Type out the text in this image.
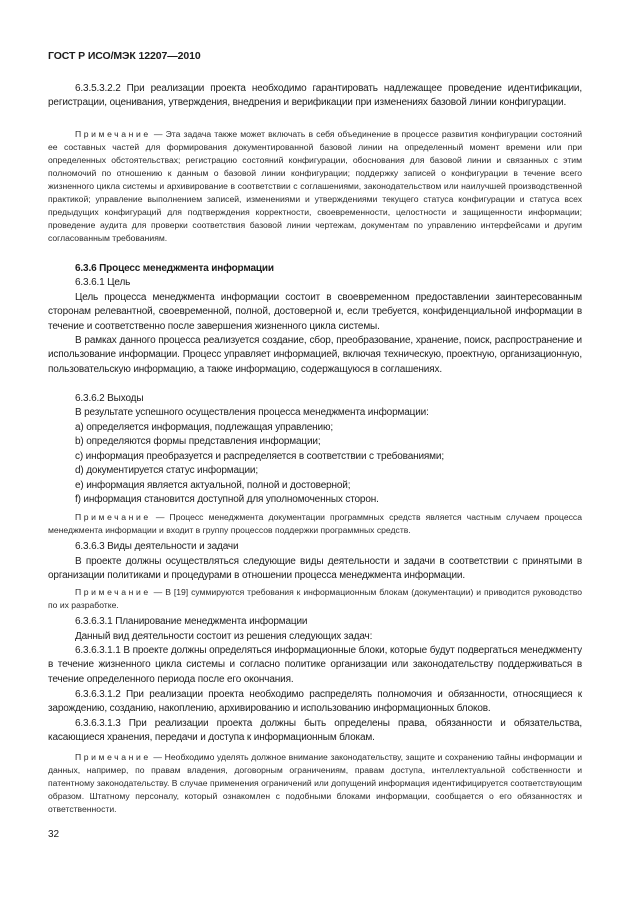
ГОСТ Р ИСО/МЭК 12207—2010

6.3.5.3.2.2 При реализации проекта необходимо гарантировать надлежащее проведение идентификации, регистрации, оценивания, утверждения, внедрения и верификации при изменениях базовой линии конфигурации.

Примечание — Эта задача также может включать в себя объединение в процессе развития конфигурации состояний ее составных частей для формирования документированной базовой линии на определенный момент времени или при определенных обстоятельствах; регистрацию состояний конфигурации, обоснования для базовой линии и связанных с этим полномочий по отношению к данным о базовой линии конфигурации; поддержку записей о конфигурации в течение всего жизненного цикла системы и архивирование в соответствии с соглашениями, законодательством или наилучшей производственной практикой; управление выполнением записей, изменениями и утверждениями текущего статуса конфигурации и статуса всех предыдущих конфигураций для подтверждения корректности, своевременности, целостности и защищенности информации; проведение аудита для проверки соответствия базовой линии чертежам, документам по управлению интерфейсами и другим согласованным требованиям.

6.3.6 Процесс менеджмента информации

6.3.6.1 Цель

Цель процесса менеджмента информации состоит в своевременном предоставлении заинтересованным сторонам релевантной, своевременной, полной, достоверной и, если требуется, конфиденциальной информации в течение и соответственно после завершения жизненного цикла системы.

В рамках данного процесса реализуется создание, сбор, преобразование, хранение, поиск, распространение и использование информации. Процесс управляет информацией, включая техническую, проектную, организационную, пользовательскую информацию, а также информацию, содержащуюся в соглашениях.

6.3.6.2 Выходы

В результате успешного осуществления процесса менеджмента информации:

a) определяется информация, подлежащая управлению;

b) определяются формы представления информации;

c) информация преобразуется и распределяется в соответствии с требованиями;

d) документируется статус информации;

e) информация является актуальной, полной и достоверной;

f) информация становится доступной для уполномоченных сторон.

Примечание — Процесс менеджмента документации программных средств является частным случаем процесса менеджмента информации и входит в группу процессов поддержки программных средств.

6.3.6.3 Виды деятельности и задачи

В проекте должны осуществляться следующие виды деятельности и задачи в соответствии с принятыми в организации политиками и процедурами в отношении процесса менеджмента информации.

Примечание — В [19] суммируются требования к информационным блокам (документации) и приводится руководство по их разработке.

6.3.6.3.1 Планирование менеджмента информации

Данный вид деятельности состоит из решения следующих задач:

6.3.6.3.1.1 В проекте должны определяться информационные блоки, которые будут подвергаться менеджменту в течение жизненного цикла системы и согласно политике организации или законодательству поддерживаться в течение определенного периода после его окончания.

6.3.6.3.1.2 При реализации проекта необходимо распределять полномочия и обязанности, относящиеся к зарождению, созданию, накоплению, архивированию и использованию информационных блоков.

6.3.6.3.1.3 При реализации проекта должны быть определены права, обязанности и обязательства, касающиеся хранения, передачи и доступа к информационным блокам.

Примечание — Необходимо уделять должное внимание законодательству, защите и сохранению тайны информации и данных, например, по правам владения, договорным ограничениям, правам доступа, интеллектуальной собственности и патентному законодательству. В случае применения ограничений или допущений информация идентифицируется соответствующим образом. Штатному персоналу, который ознакомлен с подобными блоками информации, сообщается о его обязанностях и ответственности.

32
